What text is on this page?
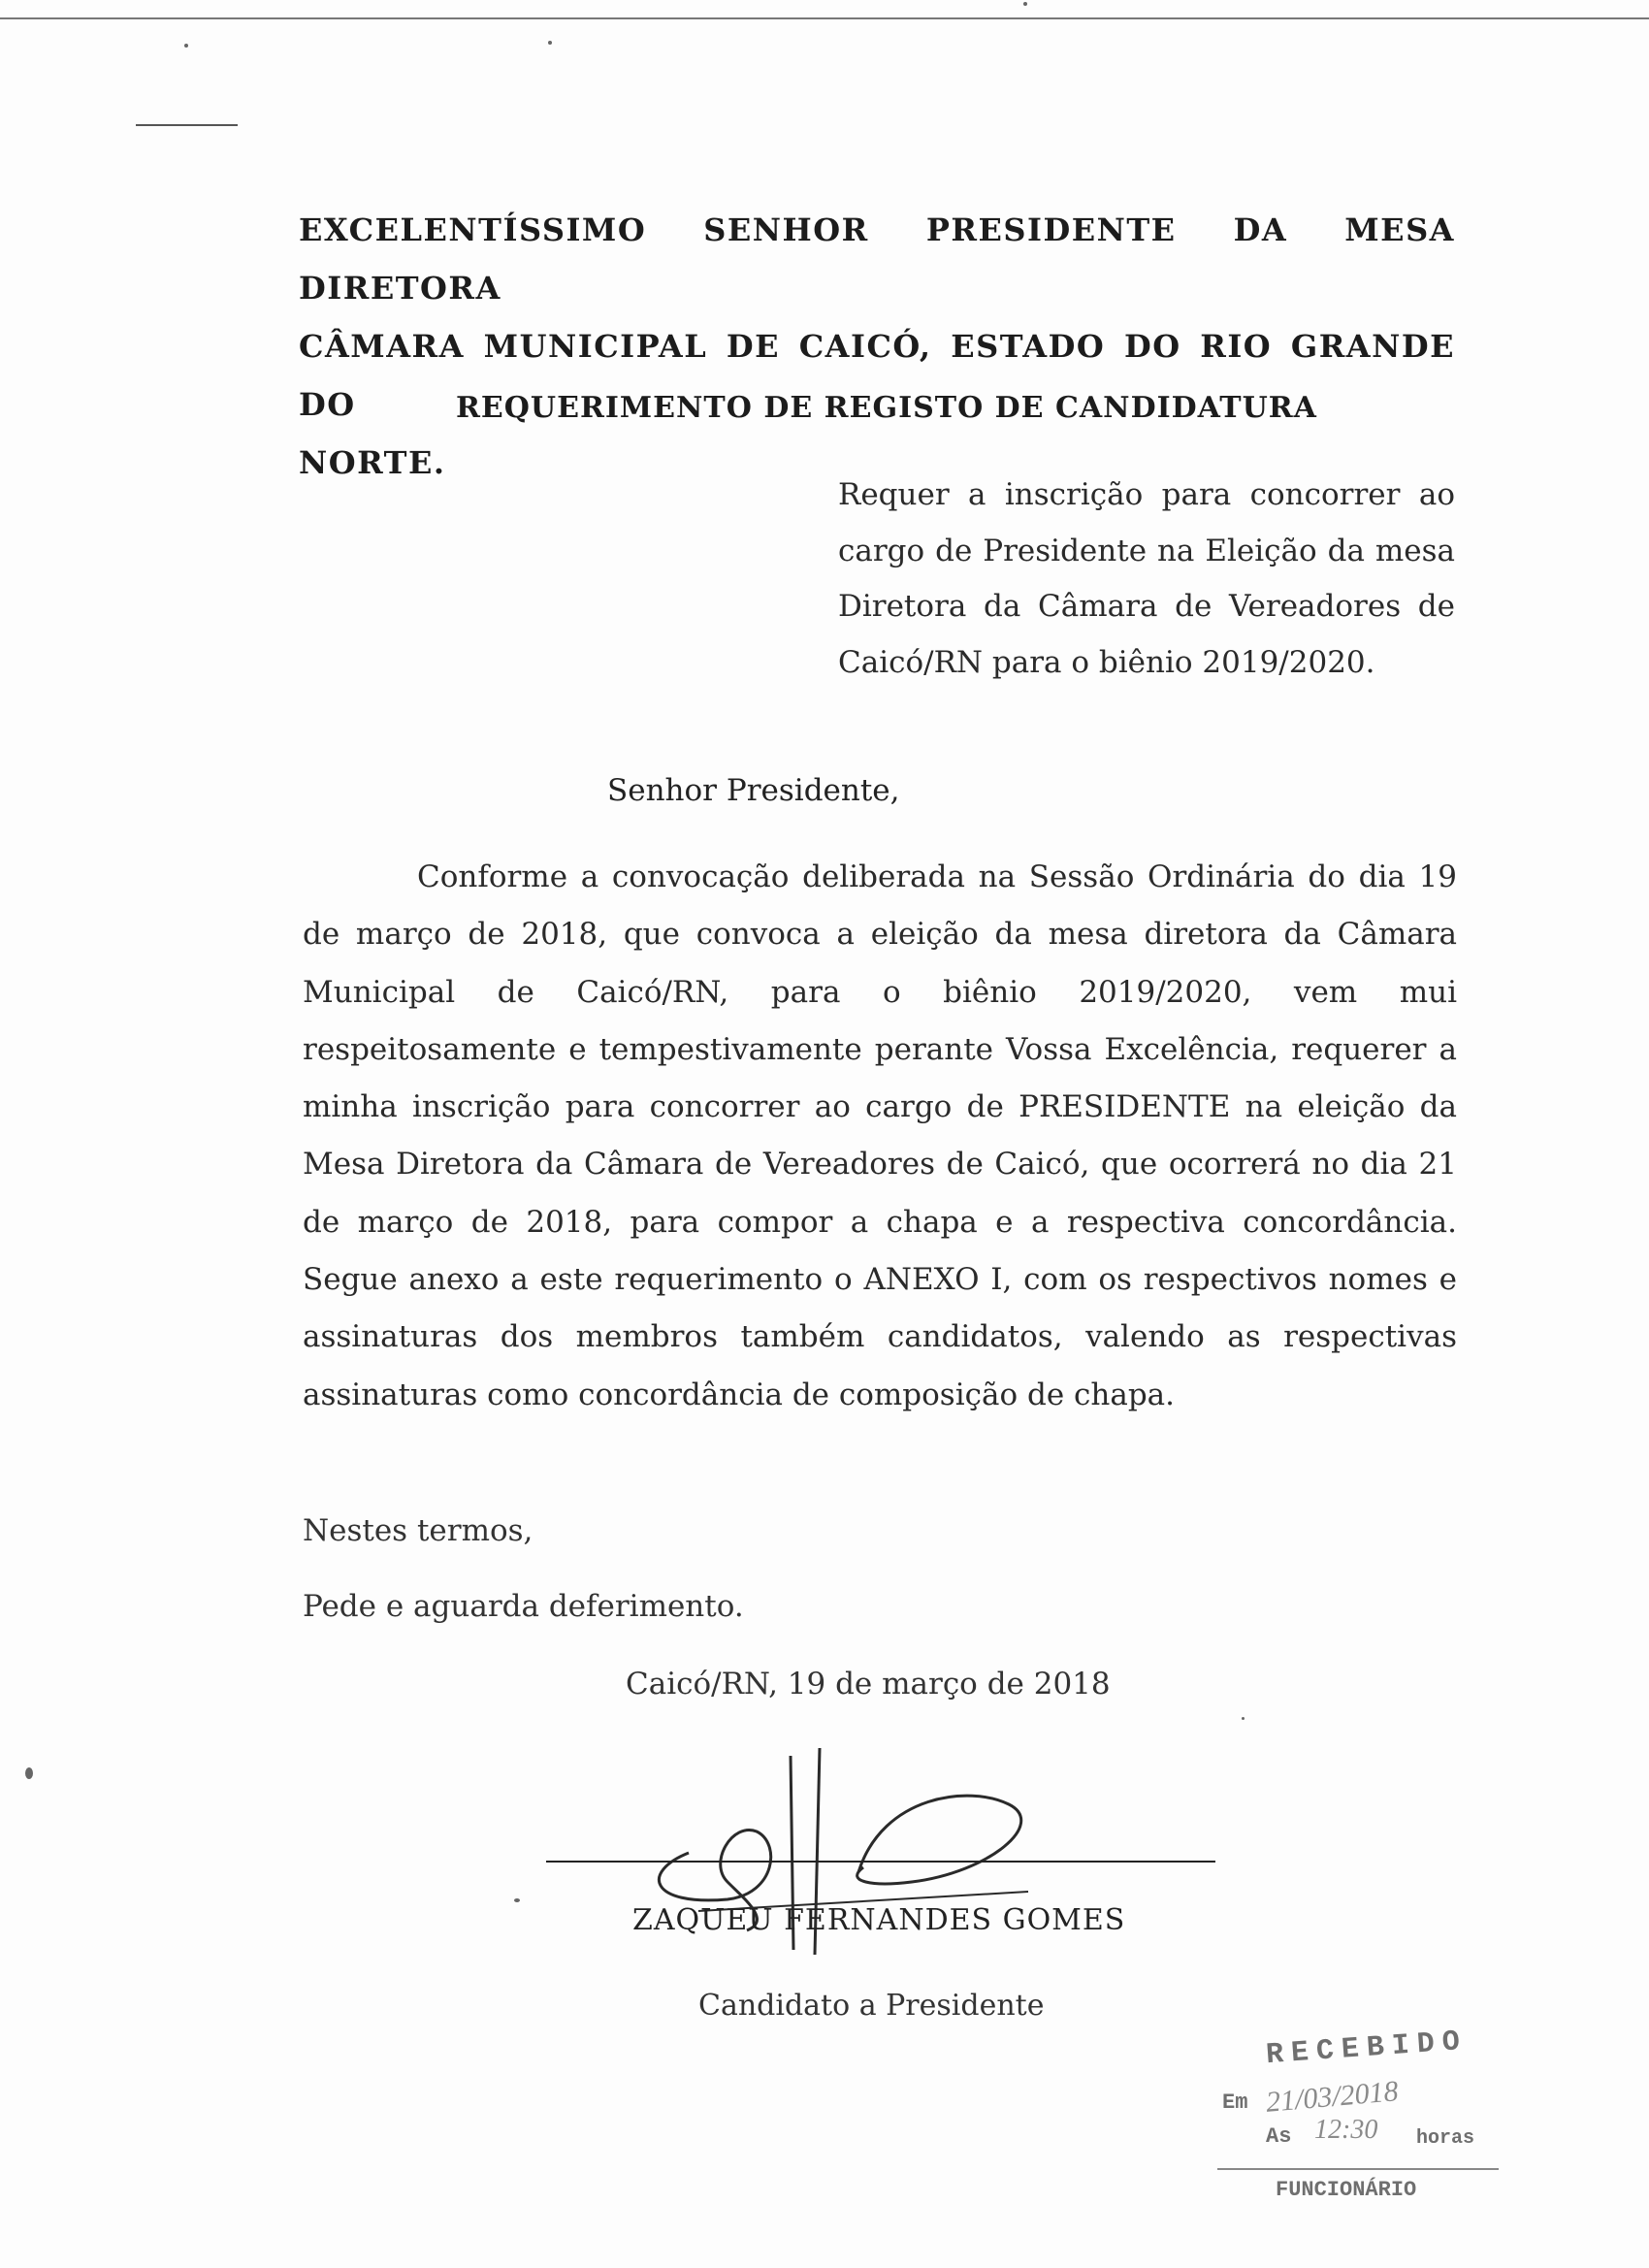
EXCELENTÍSSIMO SENHOR PRESIDENTE DA MESA DIRETORA
CÂMARA MUNICIPAL DE CAICÓ, ESTADO DO RIO GRANDE DO
NORTE.
REQUERIMENTO DE REGISTO DE CANDIDATURA
Requer a inscrição para concorrer ao cargo de Presidente na Eleição da mesa Diretora da Câmara de Vereadores de Caicó/RN para o biênio 2019/2020.
Senhor Presidente,
Conforme a convocação deliberada na Sessão Ordinária do dia 19 de março de 2018, que convoca a eleição da mesa diretora da Câmara Municipal de Caicó/RN, para o biênio 2019/2020, vem mui respeitosamente e tempestivamente perante Vossa Excelência, requerer a minha inscrição para concorrer ao cargo de PRESIDENTE na eleição da Mesa Diretora da Câmara de Vereadores de Caicó, que ocorrerá no dia 21 de março de 2018, para compor a chapa e a respectiva concordância. Segue anexo a este requerimento o ANEXO I, com os respectivos nomes e assinaturas dos membros também candidatos, valendo as respectivas assinaturas como concordância de composição de chapa.
Nestes termos,
Pede e aguarda deferimento.
Caicó/RN, 19 de março de 2018
ZAQUEU FERNANDES GOMES
Candidato a Presidente
RECEBIDO
Em 21/03/2018
As 12:30 horas
FUNCIONÁRIO
